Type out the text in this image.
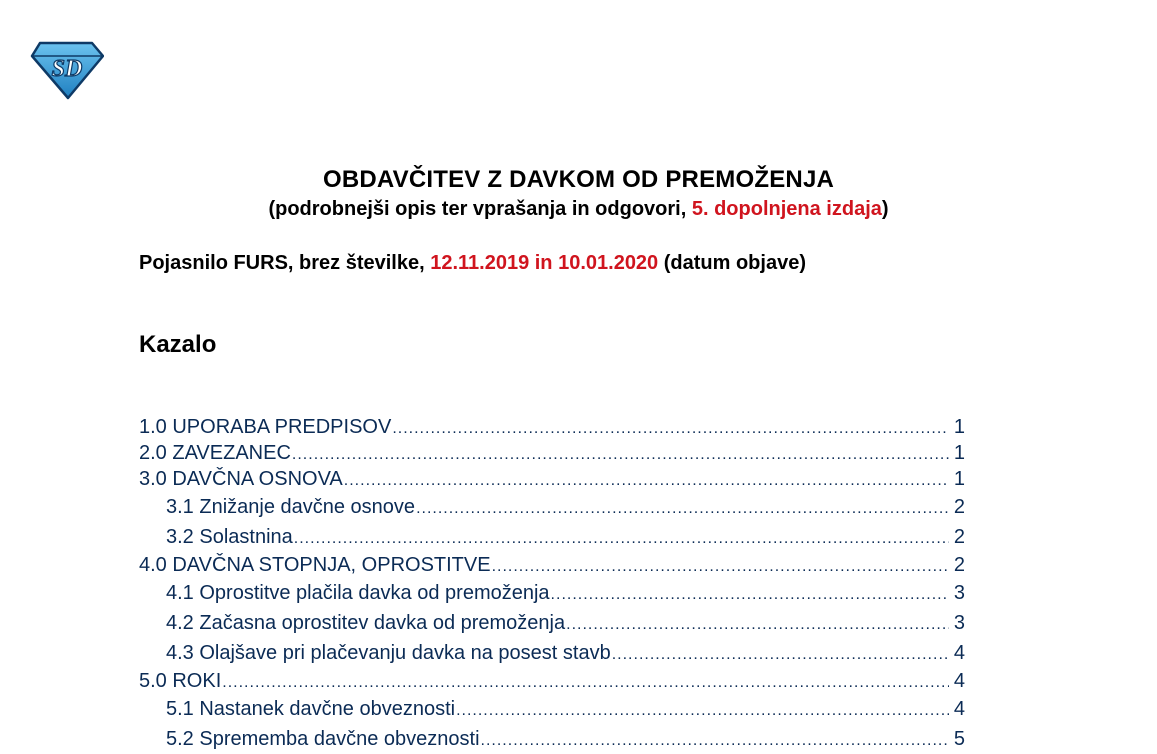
SD
OBDAVČITEV Z DAVKOM OD PREMOŽENJA
(podrobnejši opis ter vprašanja in odgovori, 5. dopolnjena izdaja)
Pojasnilo FURS, brez številke, 12.11.2019 in 10.01.2020 (datum objave)
Kazalo
1.0 UPORABA PREDPISOV .....	1
2.0 ZAVEZANEC .....	1
3.0 DAVČNA OSNOVA .....	1
3.1 Znižanje davčne osnove .....	2
3.2 Solastnina .....	2
4.0 DAVČNA STOPNJA, OPROSTITVE .....	2
4.1 Oprostitve plačila davka od premoženja .....	3
4.2 Začasna oprostitev davka od premoženja .....	3
4.3 Olajšave pri plačevanju davka na posest stavb .....	4
5.0 ROKI .....	4
5.1 Nastanek davčne obveznosti .....	4
5.2 Sprememba davčne obveznosti .....	5
